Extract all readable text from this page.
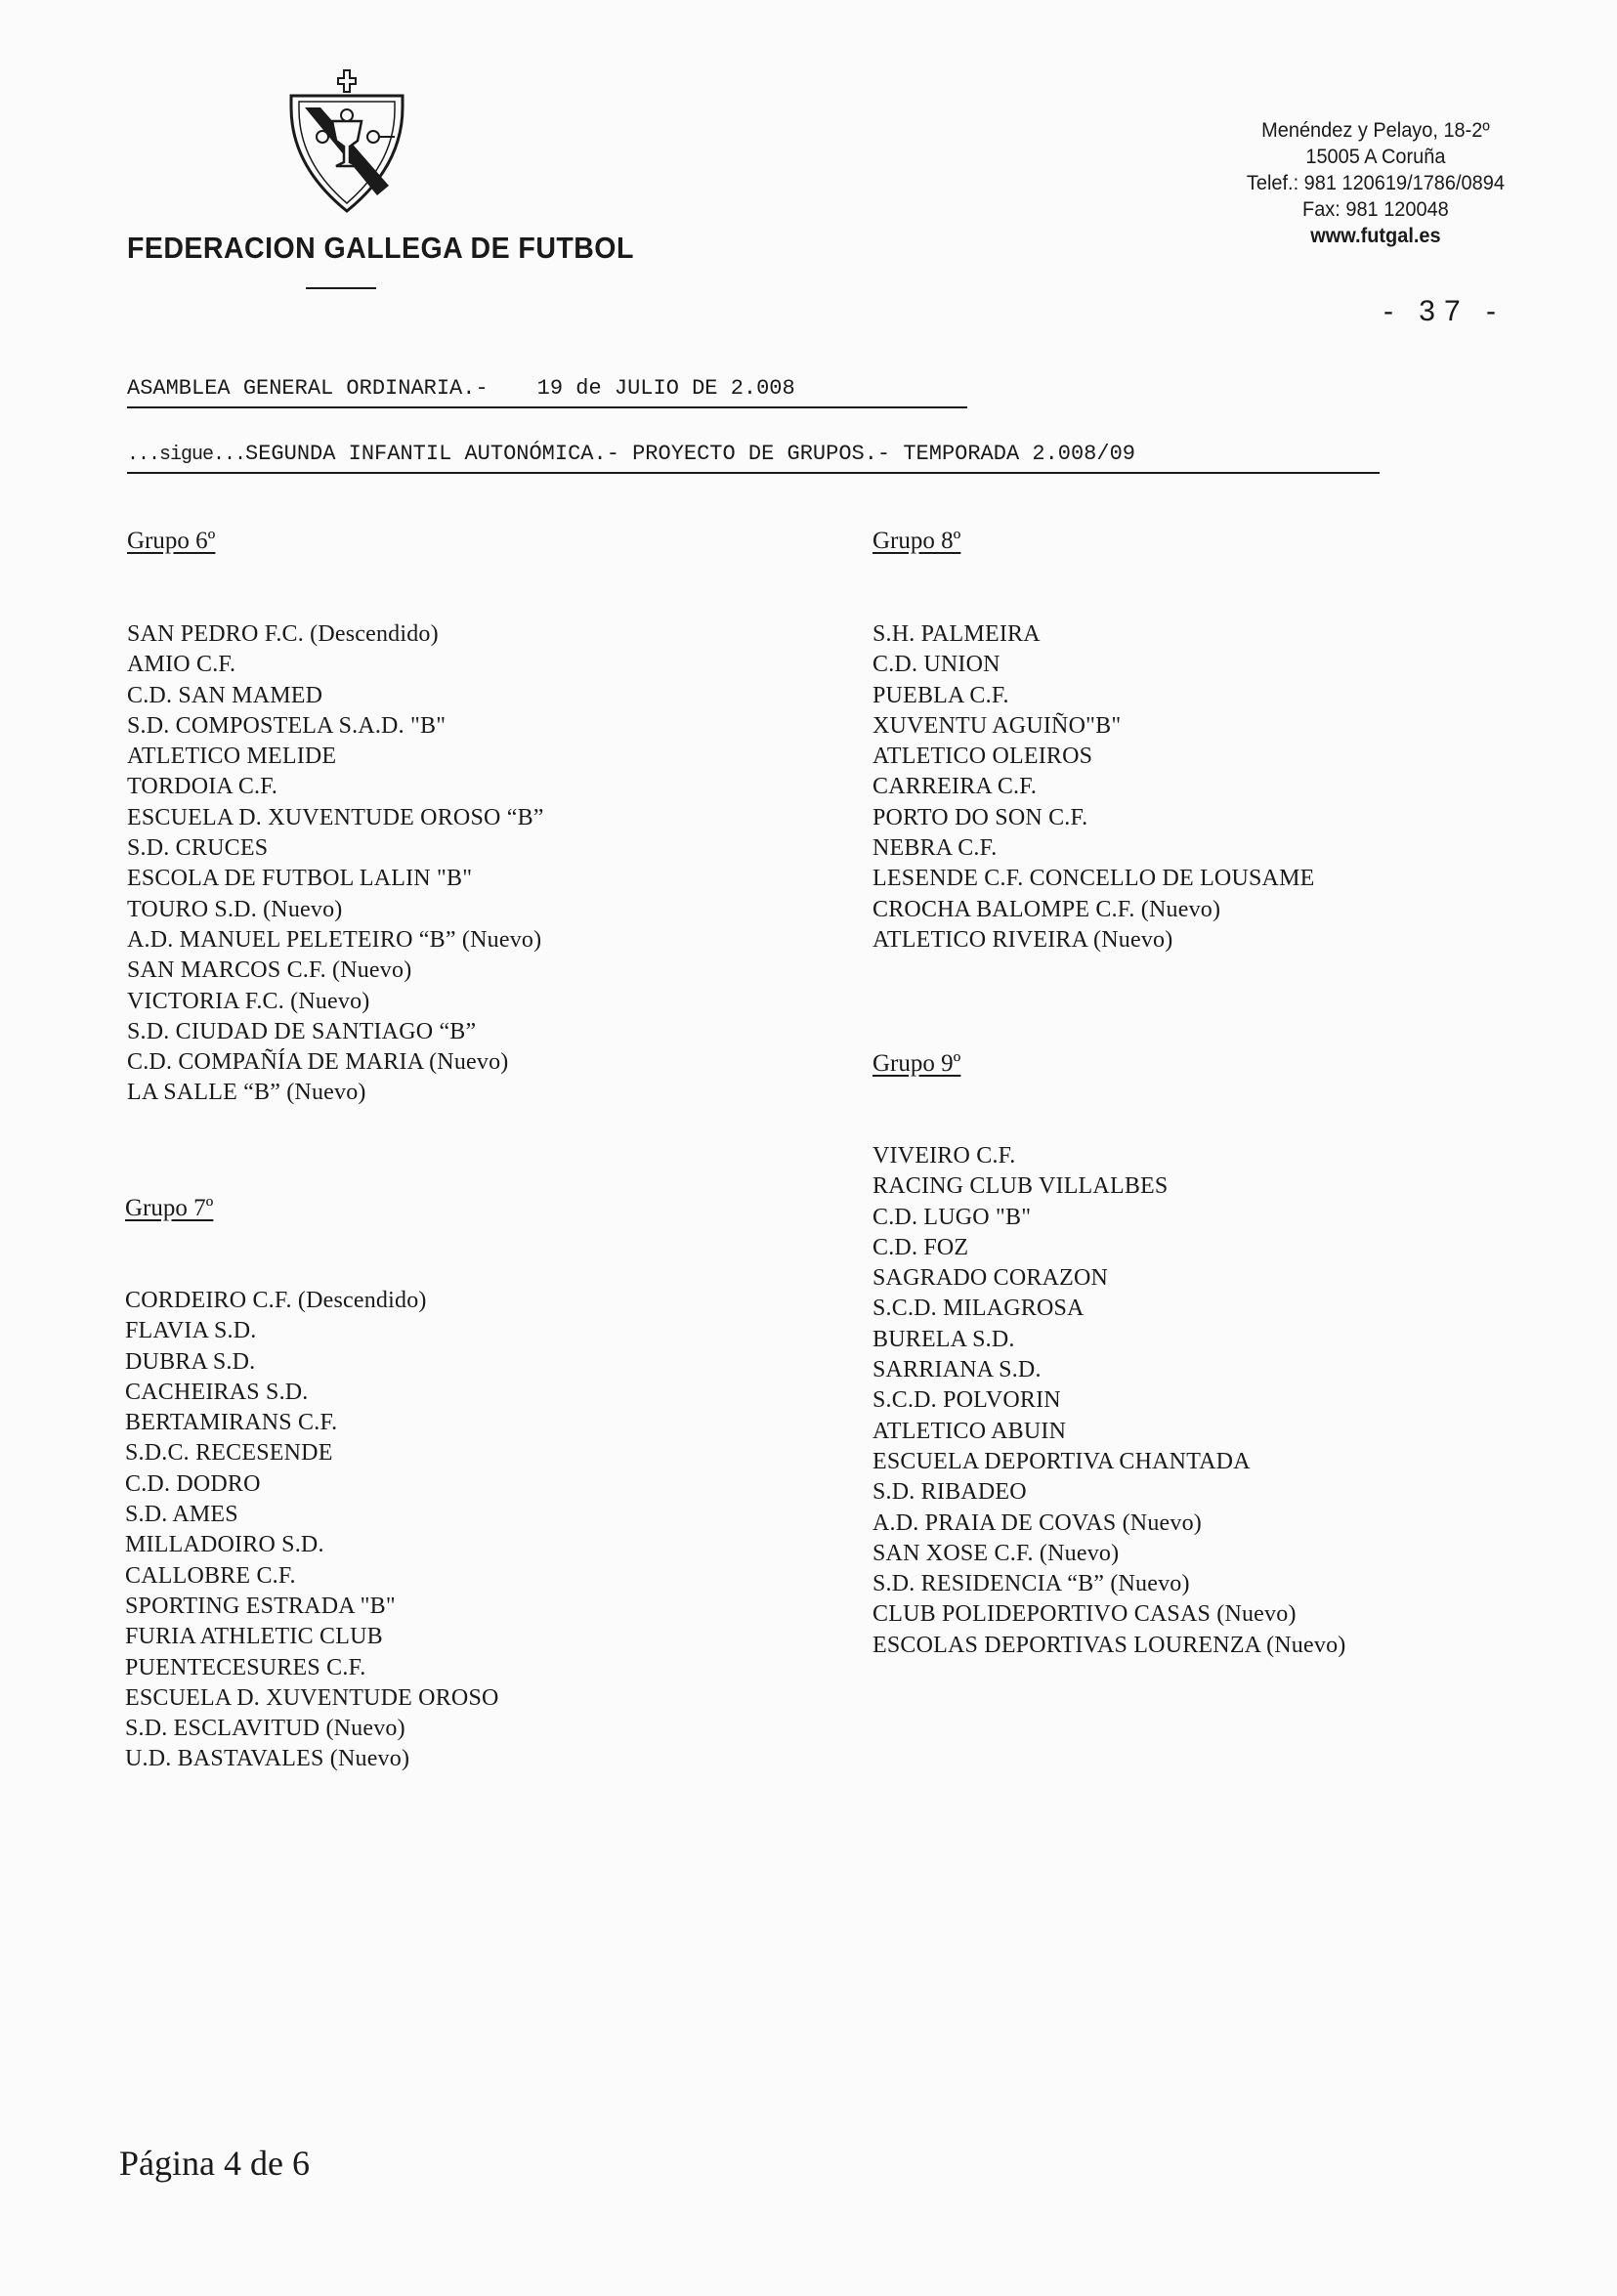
FEDERACION GALLEGA DE FUTBOL
Menéndez y Pelayo, 18-2º
15005 A Coruña
Telef.: 981 120619/1786/0894
Fax: 981 120048
www.futgal.es
- 37 -
ASAMBLEA GENERAL ORDINARIA.- 19 de JULIO DE 2.008
...sigue...SEGUNDA INFANTIL AUTONÓMICA.- PROYECTO DE GRUPOS.- TEMPORADA 2.008/09
Grupo 6º
SAN PEDRO F.C. (Descendido)
AMIO C.F.
C.D. SAN MAMED
S.D. COMPOSTELA S.A.D. "B"
ATLETICO MELIDE
TORDOIA C.F.
ESCUELA D. XUVENTUDE OROSO “B”
S.D. CRUCES
ESCOLA DE FUTBOL LALIN "B"
TOURO S.D. (Nuevo)
A.D. MANUEL PELETEIRO “B” (Nuevo)
SAN MARCOS C.F. (Nuevo)
VICTORIA F.C. (Nuevo)
S.D. CIUDAD DE SANTIAGO “B”
C.D. COMPAÑÍA DE MARIA (Nuevo)
LA SALLE “B” (Nuevo)
Grupo 7º
CORDEIRO C.F. (Descendido)
FLAVIA S.D.
DUBRA S.D.
CACHEIRAS S.D.
BERTAMIRANS C.F.
S.D.C. RECESENDE
C.D. DODRO
S.D. AMES
MILLADOIRO S.D.
CALLOBRE C.F.
SPORTING ESTRADA "B"
FURIA ATHLETIC CLUB
PUENTECESURES C.F.
ESCUELA D. XUVENTUDE OROSO
S.D. ESCLAVITUD (Nuevo)
U.D. BASTAVALES (Nuevo)
Grupo 8º
S.H. PALMEIRA
C.D. UNION
PUEBLA C.F.
XUVENTU AGUIÑO"B"
ATLETICO OLEIROS
CARREIRA C.F.
PORTO DO SON C.F.
NEBRA C.F.
LESENDE C.F. CONCELLO DE LOUSAME
CROCHA BALOMPE C.F. (Nuevo)
ATLETICO RIVEIRA (Nuevo)
Grupo 9º
VIVEIRO C.F.
RACING CLUB VILLALBES
C.D. LUGO "B"
C.D. FOZ
SAGRADO CORAZON
S.C.D. MILAGROSA
BURELA S.D.
SARRIANA S.D.
S.C.D. POLVORIN
ATLETICO ABUIN
ESCUELA DEPORTIVA CHANTADA
S.D. RIBADEO
A.D. PRAIA DE COVAS (Nuevo)
SAN XOSE C.F. (Nuevo)
S.D. RESIDENCIA “B” (Nuevo)
CLUB POLIDEPORTIVO CASAS (Nuevo)
ESCOLAS DEPORTIVAS LOURENZA (Nuevo)
Página 4 de 6
